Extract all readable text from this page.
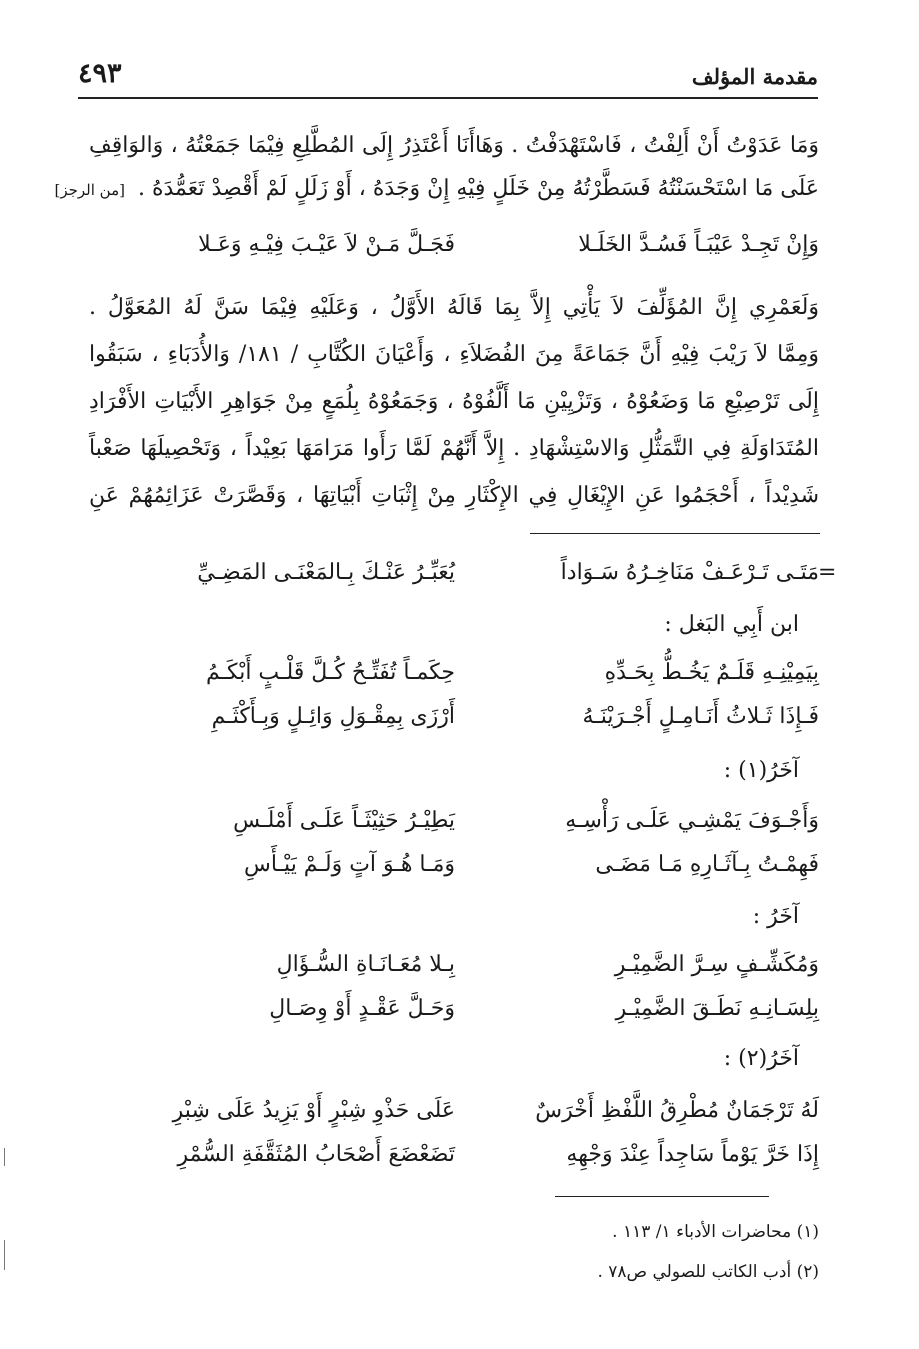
مقدمة المؤلف
٤٩٣
وَمَا عَدَوْتُ أَنْ أَلِفْتُ ، فَاسْتَهْدَفْتُ . وَهَاأَنَا أَعْتَذِرُ إِلَى المُطَّلِعِ فِيْمَا جَمَعْتُهُ ، وَالوَاقِفِ
عَلَى مَا اسْتَحْسَنْتُهُ فَسَطَّرْتُهُ مِنْ خَلَلٍ فِيْهِ إِنْ وَجَدَهُ ، أَوْ زَلَلٍ لَمْ أَقْصِدْ تَعَمُّدَهُ . [من الرجز]
وَإِنْ تَجِـدْ عَيْبَـاً فَسُـدَّ الخَلَـلا
فَجَـلَّ مَـنْ لاَ عَيْـبَ فِيْـهِ وَعَـلا
وَلَعَمْرِي إِنَّ المُؤَلِّفَ لاَ يَأْتِي إِلاَّ بِمَا قَالَهُ الأَوَّلُ ، وَعَلَيْهِ فِيْمَا سَنَّ لَهُ المُعَوَّلُ .
وَمِمَّا لاَ رَيْبَ فِيْهِ أَنَّ جَمَاعَةً مِنَ الفُضَلاَءِ ، وَأَعْيَانَ الكُتَّابِ / ١٨١/ وَالأُدَبَاءِ ، سَبَقُوا
إِلَى تَرْصِيْعِ مَا وَضَعُوْهُ ، وَتَزْيِيْنِ مَا أَلَّفُوْهُ ، وَجَمَعُوْهُ بِلُمَعٍ مِنْ جَوَاهِرِ الأَبْيَاتِ الأَفْرَادِ
المُتَدَاوَلَةِ فِي التَّمَثُّلِ وَالاسْتِشْهَادِ . إِلاَّ أَنَّهُمْ لَمَّا رَأَوا مَرَامَهَا بَعِيْداً ، وَتَحْصِيلَهَا صَعْباً
شَدِيْداً ، أَحْجَمُوا عَنِ الإِيْغَالِ فِي الإِكْثَارِ مِنْ إِثْبَاتِ أَبْيَاتِهَا ، وَقَصَّرَتْ عَزَائِمُهُمْ عَنِ
=
مَتَـى تَـرْعَـفْ مَنَاخِـرُهُ سَـوَاداً
يُعَبِّـرُ عَنْـكَ بِـالمَعْنَـى المَضِـيِّ
ابن أَبِي البَغل :
بِيَمِيْنِـهِ قَلَـمٌ يَخُـطُّ بِحَـدِّهِ
حِكَمـاً تُفَتِّـحُ كُـلَّ قَلْـبٍ أَبْكَـمُ
فَـإِذَا ثَـلاثُ أَنَـامِـلٍ أَجْـرَيْنَـهُ
أَرْزَى بِمِقْـوَلِ وَائِـلٍ وَبِـأَكْثَـمِ
آخَرُ(١) :
وَأَجْـوَفَ يَمْشِـي عَلَـى رَأْسِـهِ
يَطِيْـرُ حَثِيْثَـاً عَلَـى أَمْلَـسِ
فَهِمْـتُ بِـآثَـارِهِ مَـا مَضَـى
وَمَـا هُـوَ آتٍ وَلَـمْ يَيْـأَسِ
آخَرُ :
وَمُكَشِّـفٍ سِـرَّ الضَّمِيْـرِ
بِـلا مُعَـانَـاةِ السُّـؤَالِ
بِلِسَـانِـهِ نَطَـقَ الضَّمِيْـرِ
وَحَـلَّ عَقْـدٍ أَوْ وِصَـالِ
آخَرُ(٢) :
لَهُ تَرْجَمَانٌ مُطْرِقُ اللَّفْظِ أَخْرَسٌ
عَلَى حَذْوِ شِبْرٍ أَوْ يَزِيدُ عَلَى شِبْرِ
إِذَا خَرَّ يَوْماً سَاجِداً عِنْدَ وَجْهِهِ
تَضَعْضَعَ أَصْحَابُ المُثَقَّفَةِ السُّمْرِ
(١) محاضرات الأدباء ١/ ١١٣ .
(٢) أدب الكاتب للصولي ص٧٨ .
